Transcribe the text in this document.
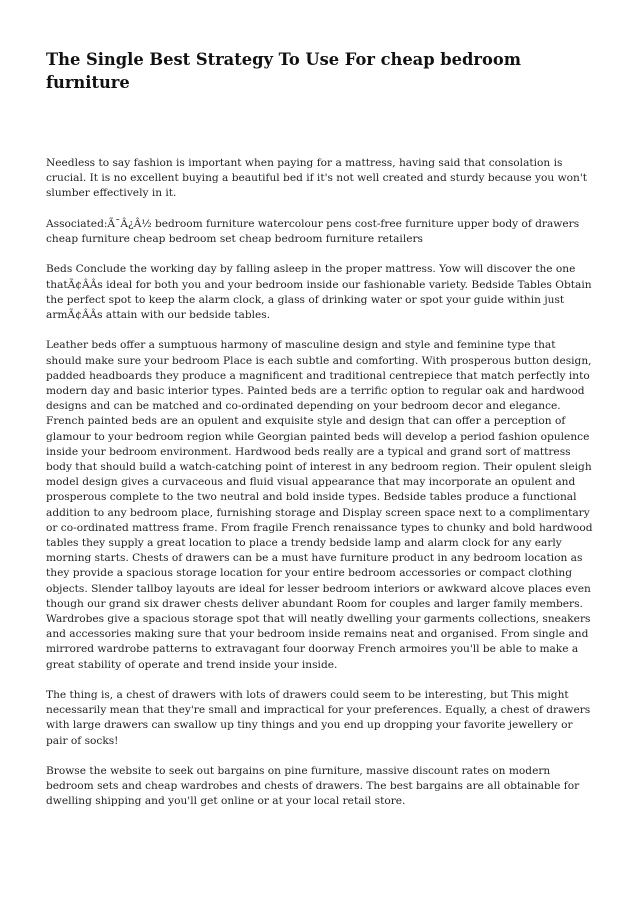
The Single Best Strategy To Use For cheap bedroom furniture

Needless to say fashion is important when paying for a mattress, having said that consolation is crucial. It is no excellent buying a beautiful bed if it's not well created and sturdy because you won't slumber effectively in it.

Associated:Ã¯Â¿Â½ bedroom furniture watercolour pens cost-free furniture upper body of drawers cheap furniture cheap bedroom set cheap bedroom furniture retailers

Beds Conclude the working day by falling asleep in the proper mattress. Yow will discover the one thatÃ¢ÂÂs ideal for both you and your bedroom inside our fashionable variety. Bedside Tables Obtain the perfect spot to keep the alarm clock, a glass of drinking water or spot your guide within just armÃ¢ÂÂs attain with our bedside tables.

Leather beds offer a sumptuous harmony of masculine design and style and feminine type that should make sure your bedroom Place is each subtle and comforting. With prosperous button design, padded headboards they produce a magnificent and traditional centrepiece that match perfectly into modern day and basic interior types. Painted beds are a terrific option to regular oak and hardwood designs and can be matched and co-ordinated depending on your bedroom decor and elegance. French painted beds are an opulent and exquisite style and design that can offer a perception of glamour to your bedroom region while Georgian painted beds will develop a period fashion opulence inside your bedroom environment. Hardwood beds really are a typical and grand sort of mattress body that should build a watch-catching point of interest in any bedroom region. Their opulent sleigh model design gives a curvaceous and fluid visual appearance that may incorporate an opulent and prosperous complete to the two neutral and bold inside types. Bedside tables produce a functional addition to any bedroom place, furnishing storage and Display screen space next to a complimentary or co-ordinated mattress frame. From fragile French renaissance types to chunky and bold hardwood tables they supply a great location to place a trendy bedside lamp and alarm clock for any early morning starts. Chests of drawers can be a must have furniture product in any bedroom location as they provide a spacious storage location for your entire bedroom accessories or compact clothing objects. Slender tallboy layouts are ideal for lesser bedroom interiors or awkward alcove places even though our grand six drawer chests deliver abundant Room for couples and larger family members. Wardrobes give a spacious storage spot that will neatly dwelling your garments collections, sneakers and accessories making sure that your bedroom inside remains neat and organised. From single and mirrored wardrobe patterns to extravagant four doorway French armoires you'll be able to make a great stability of operate and trend inside your inside.

The thing is, a chest of drawers with lots of drawers could seem to be interesting, but This might necessarily mean that they're small and impractical for your preferences. Equally, a chest of drawers with large drawers can swallow up tiny things and you end up dropping your favorite jewellery or pair of socks!

Browse the website to seek out bargains on pine furniture, massive discount rates on modern bedroom sets and cheap wardrobes and chests of drawers. The best bargains are all obtainable for dwelling shipping and you'll get online or at your local retail store.
